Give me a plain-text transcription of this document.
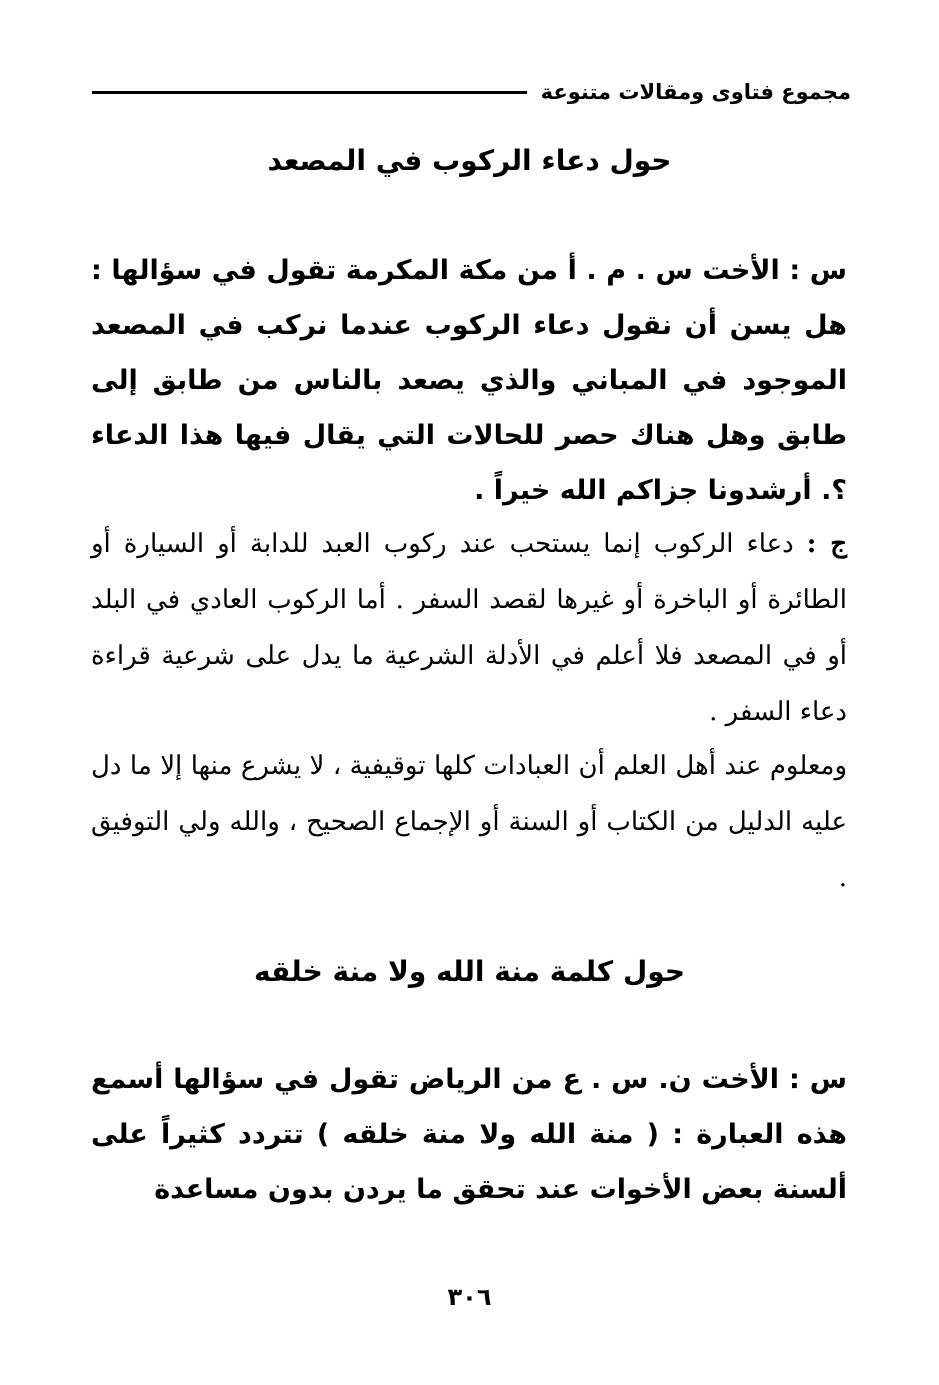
مجموع فتاوى ومقالات متنوعة
حول دعاء الركوب في المصعد

س : الأخت س . م . أ من مكة المكرمة تقول في سؤالها : هل يسن أن نقول دعاء الركوب عندما نركب في المصعد الموجود في المباني والذي يصعد بالناس من طابق إلى طابق وهل هناك حصر للحالات التي يقال فيها هذا الدعاء ؟. أرشدونا جزاكم الله خيراً .

ج : دعاء الركوب إنما يستحب عند ركوب العبد للدابة أو السيارة أو الطائرة أو الباخرة أو غيرها لقصد السفر . أما الركوب العادي في البلد أو في المصعد فلا أعلم في الأدلة الشرعية ما يدل على شرعية قراءة دعاء السفر .

ومعلوم عند أهل العلم أن العبادات كلها توقيفية ، لا يشرع منها إلا ما دل عليه الدليل من الكتاب أو السنة أو الإجماع الصحيح ، والله ولي التوفيق .

حول كلمة منة الله ولا منة خلقه

س : الأخت ن. س . ع من الرياض تقول في سؤالها أسمع هذه العبارة : ( منة الله ولا منة خلقه ) تتردد كثيراً على ألسنة بعض الأخوات عند تحقق ما يردن بدون مساعدة

٣٠٦
